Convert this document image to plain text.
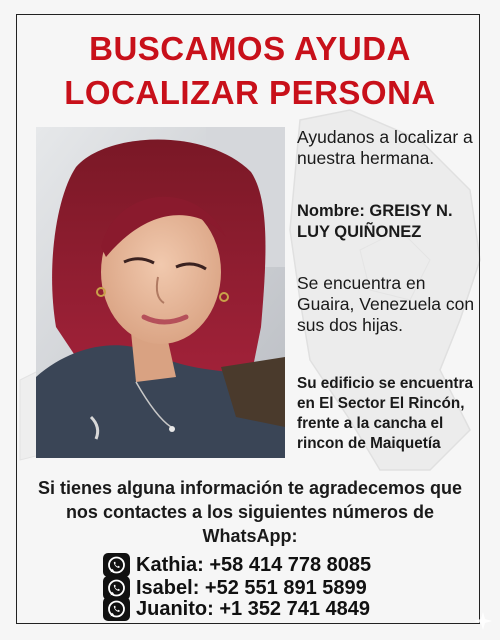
BUSCAMOS AYUDA
LOCALIZAR PERSONA
Ayudanos a localizar a nuestra hermana.
Nombre: GREISY N. LUY QUIÑONEZ
Se encuentra en Guaira, Venezuela con sus dos hijas.
Su edificio se encuentra en El Sector El Rincón, frente a la cancha el rincon de Maiquetía
Si tienes alguna información te agradecemos que nos contactes a los siguientes números de WhatsApp:
Kathia: +58 414 778 8085
Isabel: +52 551 891 5899
Juanito: +1 352 741 4849
